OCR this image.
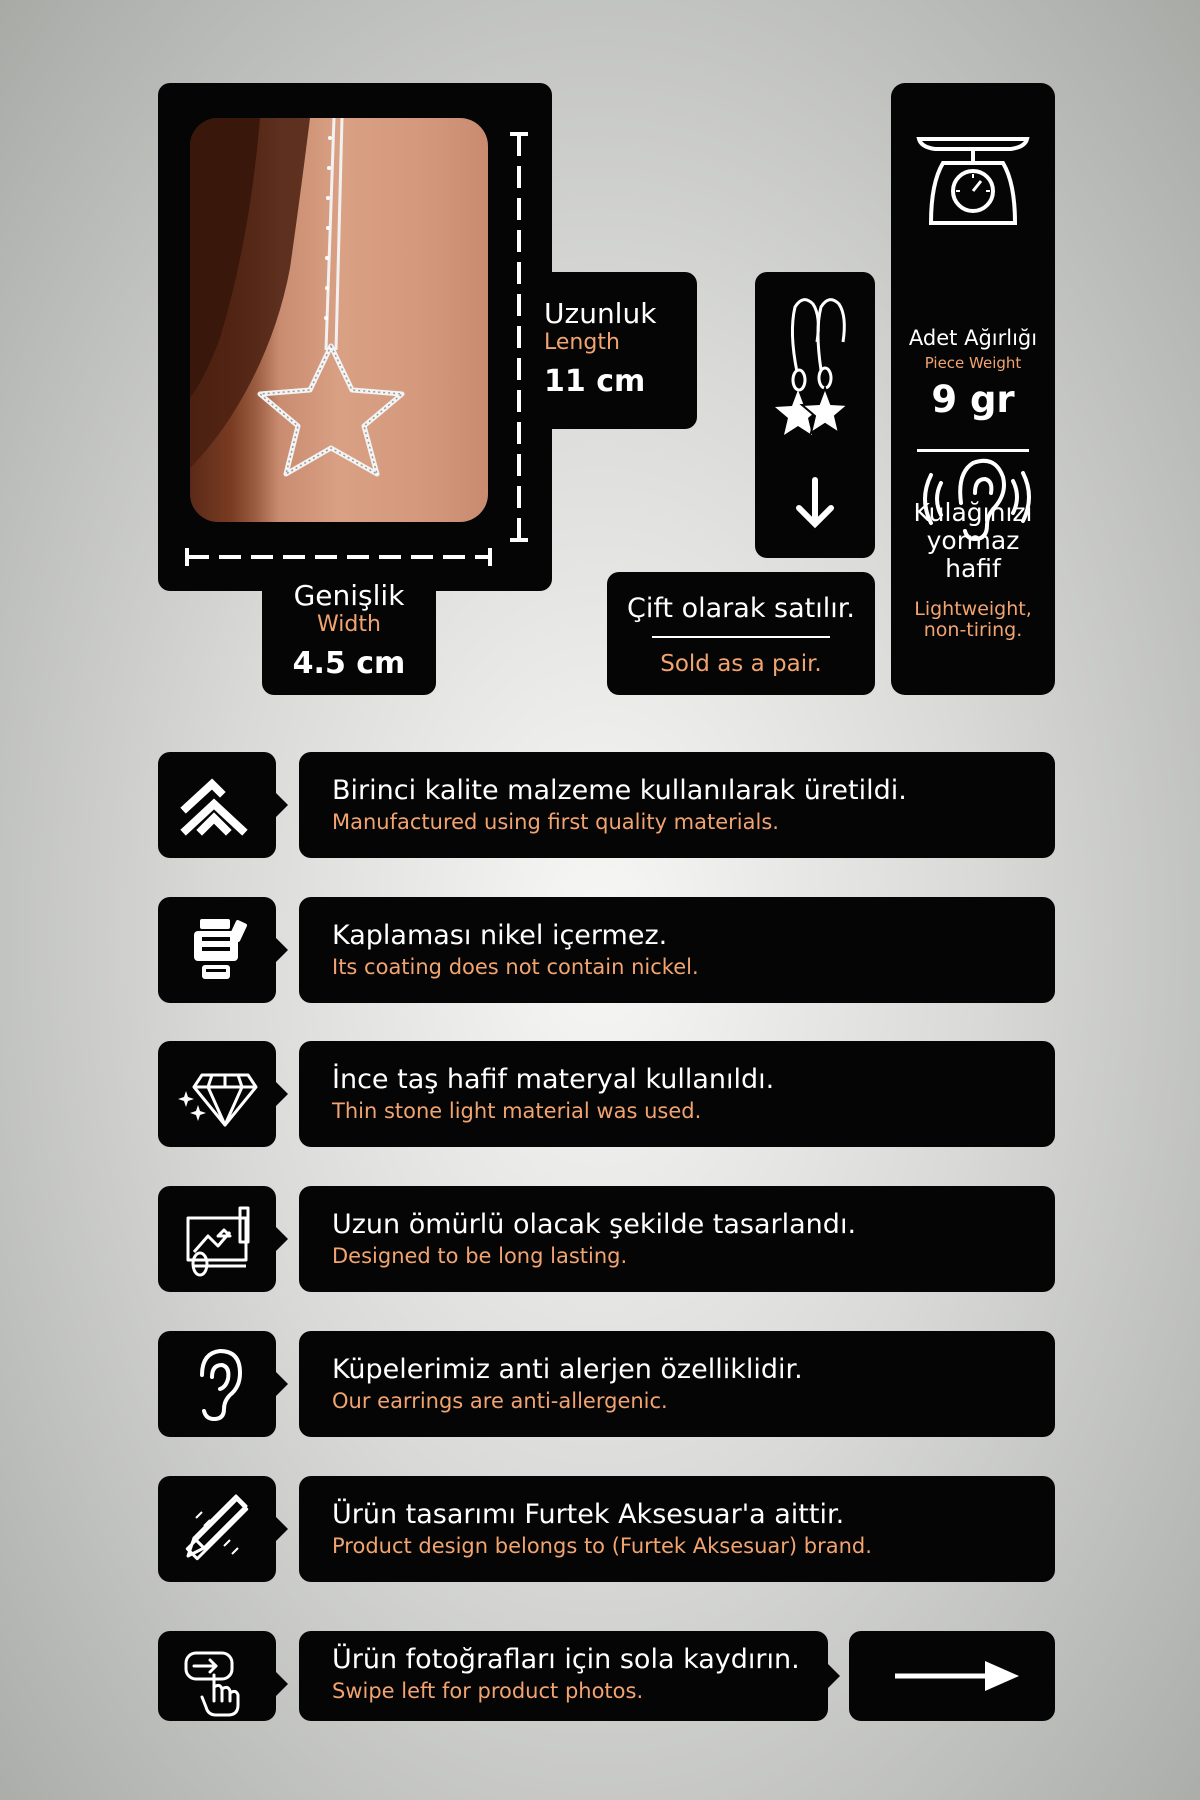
Uzunluk
Length
11 cm
Genişlik
Width
4.5 cm
Çift olarak satılır.
Sold as a pair.
Adet Ağırlığı
Piece Weight
9 gr
Kulağınızı
yormaz
hafif
Lightweight,
non-tiring.
Birinci kalite malzeme kullanılarak üretildi.
Manufactured using first quality materials.
Kaplaması nikel içermez.
Its coating does not contain nickel.
İnce taş hafif materyal kullanıldı.
Thin stone light material was used.
Uzun ömürlü olacak şekilde tasarlandı.
Designed to be long lasting.
Küpelerimiz anti alerjen özelliklidir.
Our earrings are anti-allergenic.
Ürün tasarımı Furtek Aksesuar'a aittir.
Product design belongs to (Furtek Aksesuar) brand.
Ürün fotoğrafları için sola kaydırın.
Swipe left for product photos.
